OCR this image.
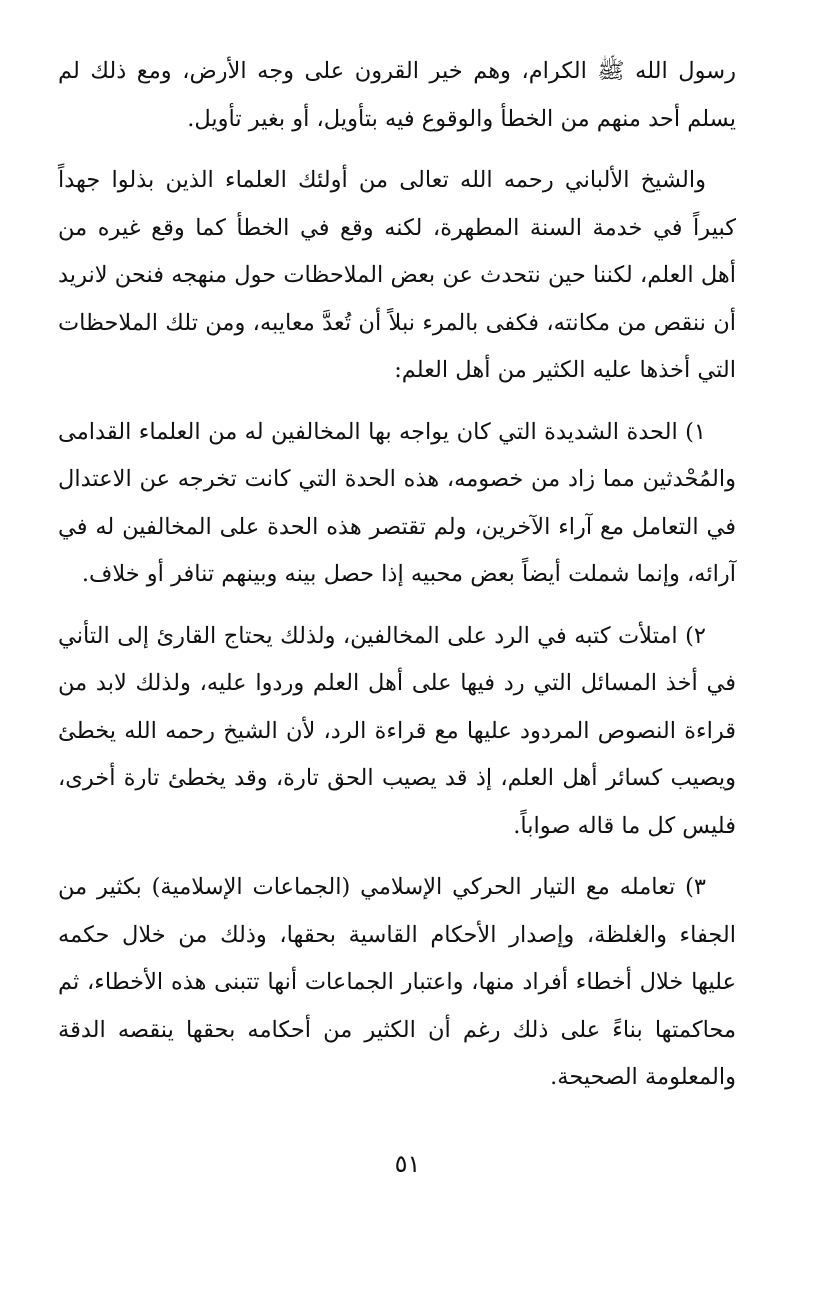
رسول الله ﷺ الكرام، وهم خير القرون على وجه الأرض، ومع ذلك لم يسلم أحد منهم من الخطأ والوقوع فيه بتأويل، أو بغير تأويل.

والشيخ الألباني رحمه الله تعالى من أولئك العلماء الذين بذلوا جهداً كبيراً في خدمة السنة المطهرة، لكنه وقع في الخطأ كما وقع غيره من أهل العلم، لكننا حين نتحدث عن بعض الملاحظات حول منهجه فنحن لانريد أن ننقص من مكانته، فكفى بالمرء نبلاً أن تُعدَّ معايبه، ومن تلك الملاحظات التي أخذها عليه الكثير من أهل العلم:

١) الحدة الشديدة التي كان يواجه بها المخالفين له من العلماء القدامى والمُحْدثين مما زاد من خصومه، هذه الحدة التي كانت تخرجه عن الاعتدال في التعامل مع آراء الآخرين، ولم تقتصر هذه الحدة على المخالفين له في آرائه، وإنما شملت أيضاً بعض محبيه إذا حصل بينه وبينهم تنافر أو خلاف.

٢) امتلأت كتبه في الرد على المخالفين، ولذلك يحتاج القارئ إلى التأني في أخذ المسائل التي رد فيها على أهل العلم وردوا عليه، ولذلك لابد من قراءة النصوص المردود عليها مع قراءة الرد، لأن الشيخ رحمه الله يخطئ ويصيب كسائر أهل العلم، إذ قد يصيب الحق تارة، وقد يخطئ تارة أخرى، فليس كل ما قاله صواباً.

٣) تعامله مع التيار الحركي الإسلامي (الجماعات الإسلامية) بكثير من الجفاء والغلظة، وإصدار الأحكام القاسية بحقها، وذلك من خلال حكمه عليها خلال أخطاء أفراد منها، واعتبار الجماعات أنها تتبنى هذه الأخطاء، ثم محاكمتها بناءً على ذلك رغم أن الكثير من أحكامه بحقها ينقصه الدقة والمعلومة الصحيحة.

٥١
